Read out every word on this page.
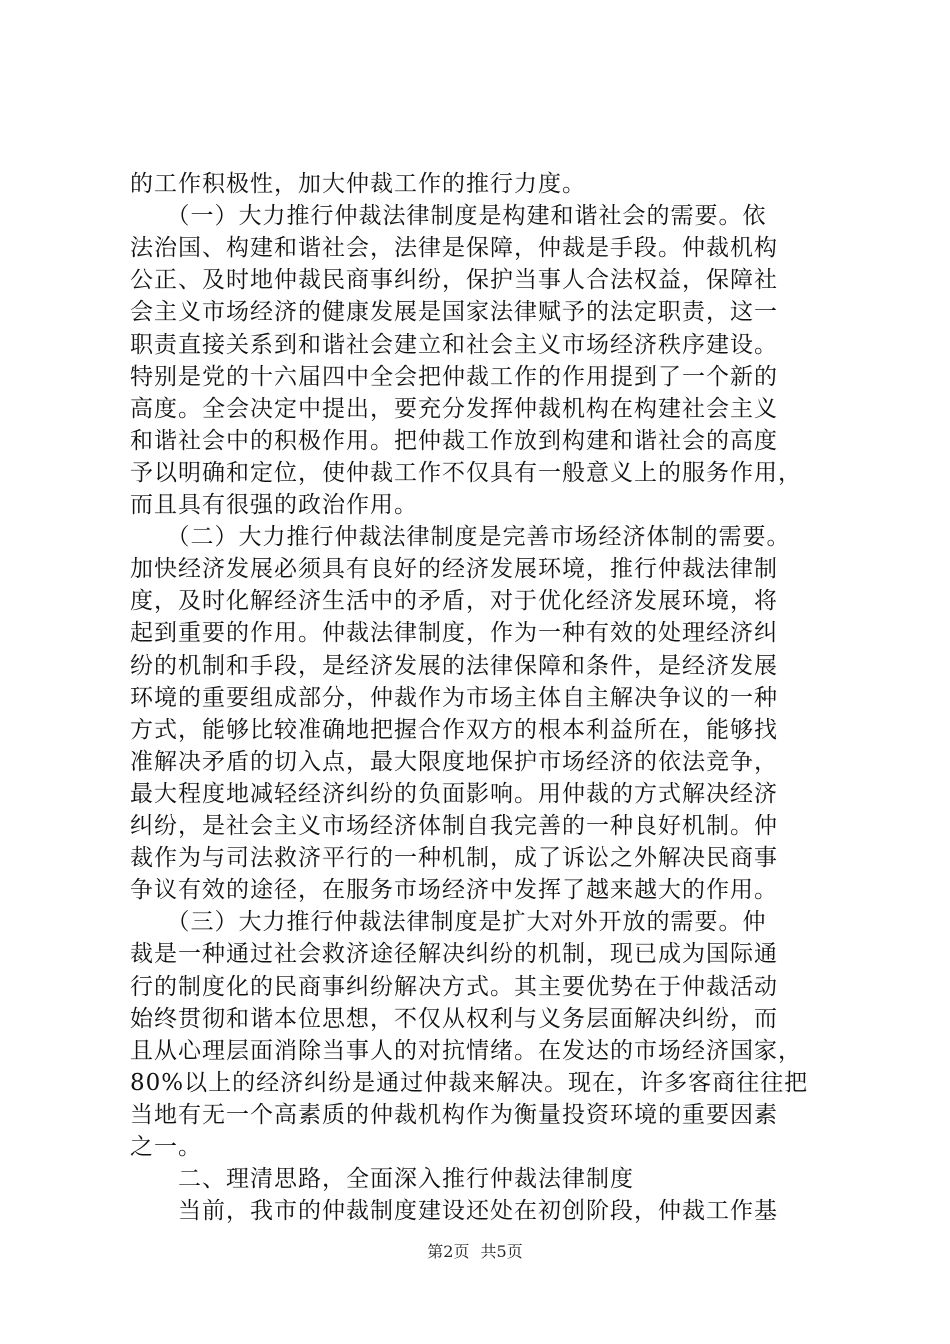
的工作积极性，加大仲裁工作的推行力度。
　　（一）大力推行仲裁法律制度是构建和谐社会的需要。依
法治国、构建和谐社会，法律是保障，仲裁是手段。仲裁机构
公正、及时地仲裁民商事纠纷，保护当事人合法权益，保障社
会主义市场经济的健康发展是国家法律赋予的法定职责，这一
职责直接关系到和谐社会建立和社会主义市场经济秩序建设。
特别是党的十六届四中全会把仲裁工作的作用提到了一个新的
高度。全会决定中提出，要充分发挥仲裁机构在构建社会主义
和谐社会中的积极作用。把仲裁工作放到构建和谐社会的高度
予以明确和定位，使仲裁工作不仅具有一般意义上的服务作用，
而且具有很强的政治作用。
　　（二）大力推行仲裁法律制度是完善市场经济体制的需要。
加快经济发展必须具有良好的经济发展环境，推行仲裁法律制
度，及时化解经济生活中的矛盾，对于优化经济发展环境，将
起到重要的作用。仲裁法律制度，作为一种有效的处理经济纠
纷的机制和手段，是经济发展的法律保障和条件，是经济发展
环境的重要组成部分，仲裁作为市场主体自主解决争议的一种
方式，能够比较准确地把握合作双方的根本利益所在，能够找
准解决矛盾的切入点，最大限度地保护市场经济的依法竞争，
最大程度地减轻经济纠纷的负面影响。用仲裁的方式解决经济
纠纷，是社会主义市场经济体制自我完善的一种良好机制。仲
裁作为与司法救济平行的一种机制，成了诉讼之外解决民商事
争议有效的途径，在服务市场经济中发挥了越来越大的作用。
　　（三）大力推行仲裁法律制度是扩大对外开放的需要。仲
裁是一种通过社会救济途径解决纠纷的机制，现已成为国际通
行的制度化的民商事纠纷解决方式。其主要优势在于仲裁活动
始终贯彻和谐本位思想，不仅从权利与义务层面解决纠纷，而
且从心理层面消除当事人的对抗情绪。在发达的市场经济国家，
80%以上的经济纠纷是通过仲裁来解决。现在，许多客商往往把
当地有无一个高素质的仲裁机构作为衡量投资环境的重要因素
之一。
　　二、理清思路，全面深入推行仲裁法律制度
　　当前，我市的仲裁制度建设还处在初创阶段，仲裁工作基
第2页 共5页
